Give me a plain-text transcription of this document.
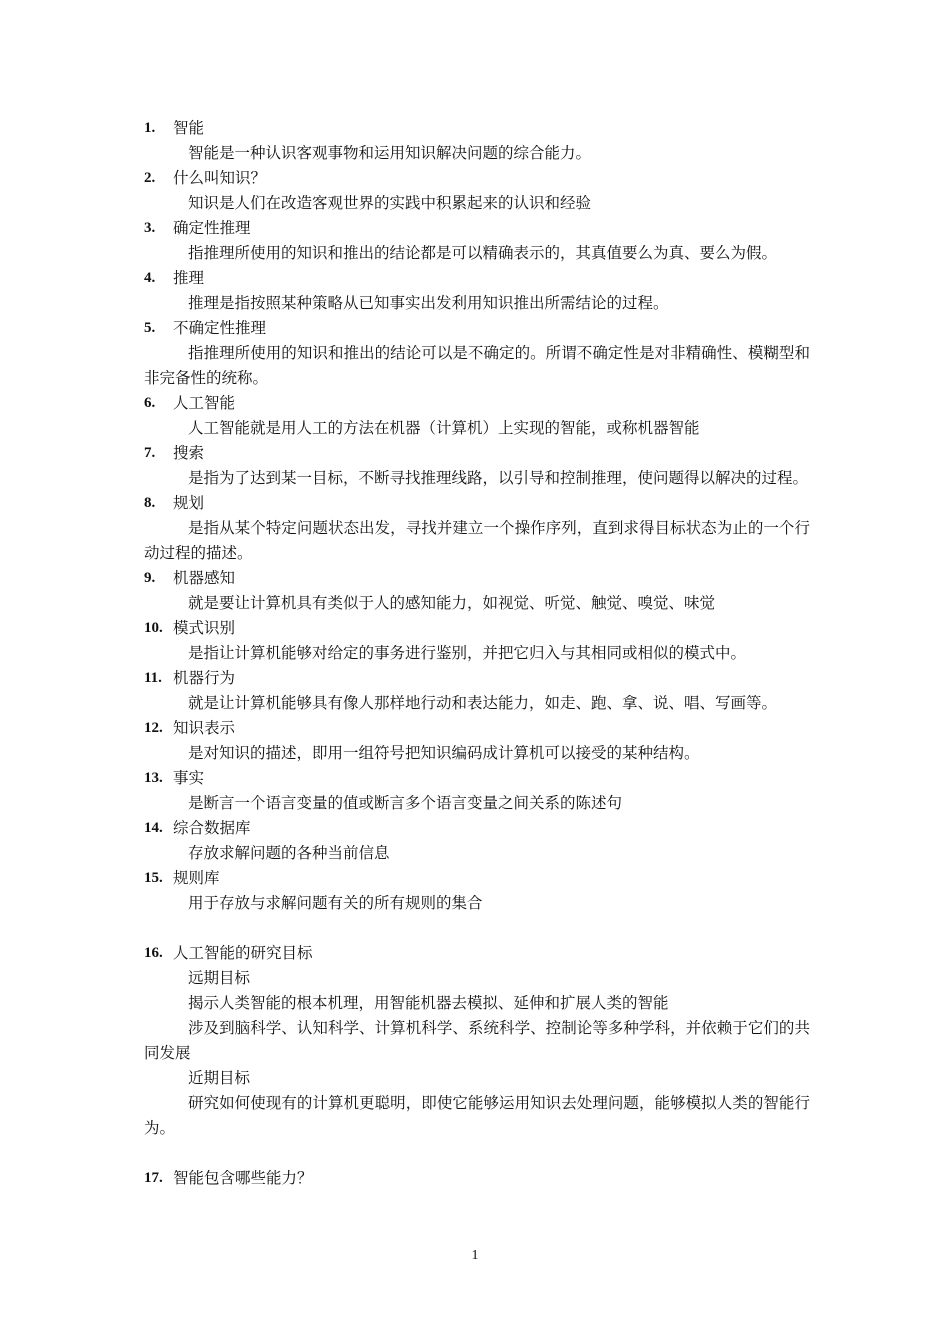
1.	智能
智能是一种认识客观事物和运用知识解决问题的综合能力。
2.	什么叫知识？
知识是人们在改造客观世界的实践中积累起来的认识和经验
3.	确定性推理
指推理所使用的知识和推出的结论都是可以精确表示的，其真值要么为真、要么为假。
4.	推理
推理是指按照某种策略从已知事实出发利用知识推出所需结论的过程。
5.	不确定性推理
指推理所使用的知识和推出的结论可以是不确定的。所谓不确定性是对非精确性、模糊型和非完备性的统称。
6.	人工智能
人工智能就是用人工的方法在机器（计算机）上实现的智能，或称机器智能
7.	搜索
是指为了达到某一目标，不断寻找推理线路，以引导和控制推理，使问题得以解决的过程。
8.	规划
是指从某个特定问题状态出发，寻找并建立一个操作序列，直到求得目标状态为止的一个行动过程的描述。
9.	机器感知
就是要让计算机具有类似于人的感知能力，如视觉、听觉、触觉、嗅觉、味觉
10. 模式识别
是指让计算机能够对给定的事务进行鉴别，并把它归入与其相同或相似的模式中。
11. 机器行为
就是让计算机能够具有像人那样地行动和表达能力，如走、跑、拿、说、唱、写画等。
12. 知识表示
是对知识的描述，即用一组符号把知识编码成计算机可以接受的某种结构。
13. 事实
是断言一个语言变量的值或断言多个语言变量之间关系的陈述句
14. 综合数据库
存放求解问题的各种当前信息
15. 规则库
用于存放与求解问题有关的所有规则的集合
16. 人工智能的研究目标
远期目标
揭示人类智能的根本机理，用智能机器去模拟、延伸和扩展人类的智能
涉及到脑科学、认知科学、计算机科学、系统科学、控制论等多种学科，并依赖于它们的共同发展
近期目标
研究如何使现有的计算机更聪明，即使它能够运用知识去处理问题，能够模拟人类的智能行为。
17. 智能包含哪些能力？
1
